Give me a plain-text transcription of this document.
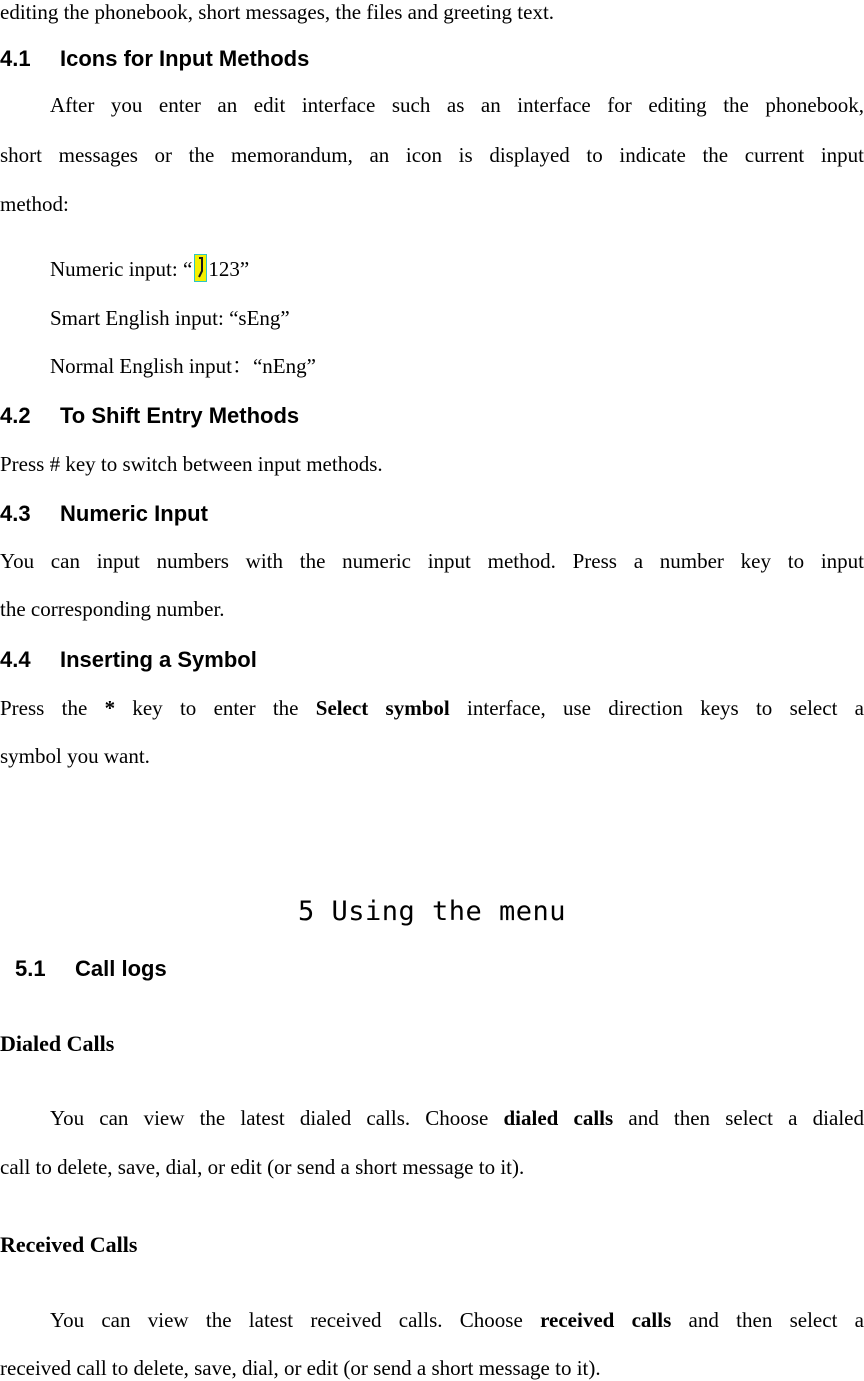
editing the phonebook, short messages, the files and greeting text.
4.1 Icons for Input Methods
After you enter an edit interface such as an interface for editing the phonebook,
short messages or the memorandum, an icon is displayed to indicate the current input
method:
Numeric input: “ 123”
Smart English input: “sEng”
Normal English input：“nEng”
4.2 To Shift Entry Methods
Press # key to switch between input methods.
4.3 Numeric Input
You can input numbers with the numeric input method. Press a number key to input
the corresponding number.
4.4 Inserting a Symbol
Press the * key to enter the Select symbol interface, use direction keys to select a
symbol you want.
5 Using the menu
5.1 Call logs
Dialed Calls
You can view the latest dialed calls. Choose dialed calls and then select a dialed
call to delete, save, dial, or edit (or send a short message to it).
Received Calls
You can view the latest received calls. Choose received calls and then select a
received call to delete, save, dial, or edit (or send a short message to it).
